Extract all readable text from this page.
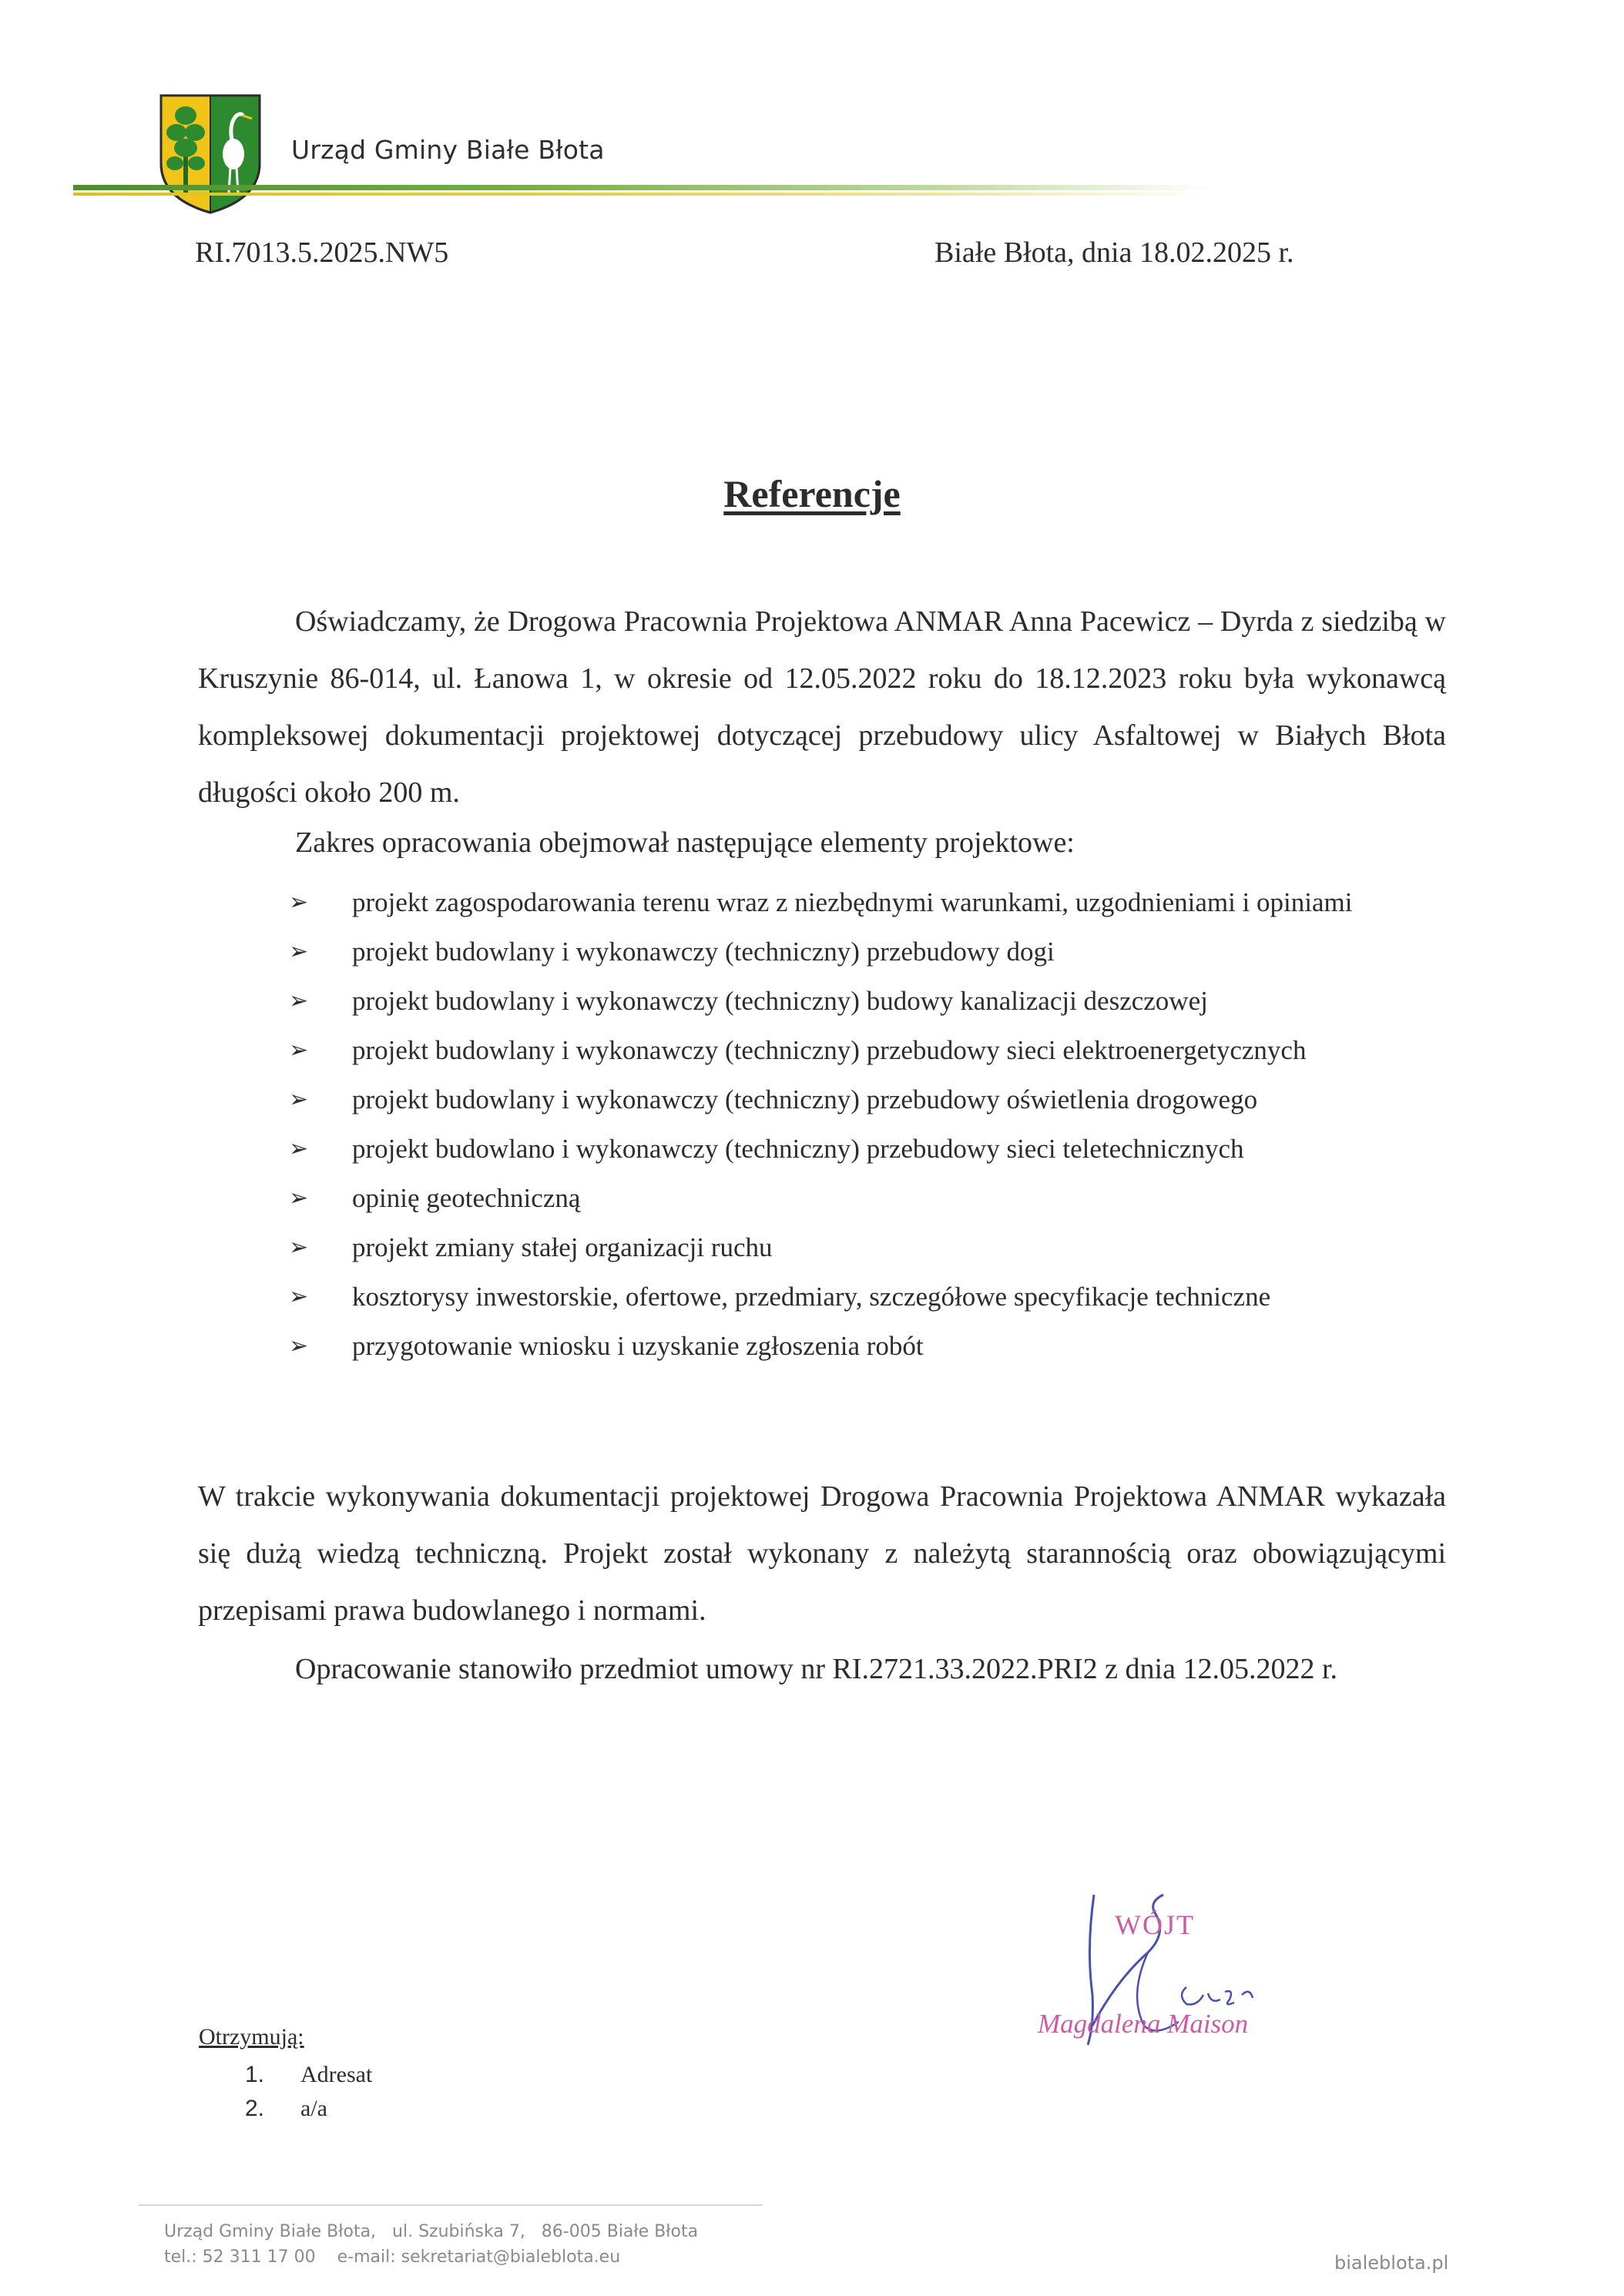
Urząd Gminy Białe Błota
RI.7013.5.2025.NW5	Białe Błota, dnia 18.02.2025 r.
Referencje

Oświadczamy, że Drogowa Pracownia Projektowa ANMAR Anna Pacewicz – Dyrda z siedzibą w Kruszynie 86-014, ul. Łanowa 1, w okresie od 12.05.2022 roku do 18.12.2023 roku była wykonawcą kompleksowej dokumentacji projektowej dotyczącej przebudowy ulicy Asfaltowej w Białych Błota długości około 200 m.

Zakres opracowania obejmował następujące elementy projektowe:
➢ projekt zagospodarowania terenu wraz z niezbędnymi warunkami, uzgodnieniami i opiniami
➢ projekt budowlany i wykonawczy (techniczny) przebudowy dogi
➢ projekt budowlany i wykonawczy (techniczny) budowy kanalizacji deszczowej
➢ projekt budowlany i wykonawczy (techniczny) przebudowy sieci elektroenergetycznych
➢ projekt budowlany i wykonawczy (techniczny) przebudowy oświetlenia drogowego
➢ projekt budowlano i wykonawczy (techniczny) przebudowy sieci teletechnicznych
➢ opinię geotechniczną
➢ projekt zmiany stałej organizacji ruchu
➢ kosztorysy inwestorskie, ofertowe, przedmiary, szczegółowe specyfikacje techniczne
➢ przygotowanie wniosku i uzyskanie zgłoszenia robót

W trakcie wykonywania dokumentacji projektowej Drogowa Pracownia Projektowa ANMAR wykazała się dużą wiedzą techniczną. Projekt został wykonany z należytą starannością oraz obowiązującymi przepisami prawa budowlanego i normami.

Opracowanie stanowiło przedmiot umowy nr RI.2721.33.2022.PRI2 z dnia 12.05.2022 r.

WÓJT
Magdalena Maison
Otrzymują:
1. Adresat
2. a/a
Urząd Gminy Białe Błota,   ul. Szubińska 7,   86-005 Białe Błota
tel.: 52 311 17 00    e-mail: sekretariat@bialeblota.eu	bialeblota.pl
